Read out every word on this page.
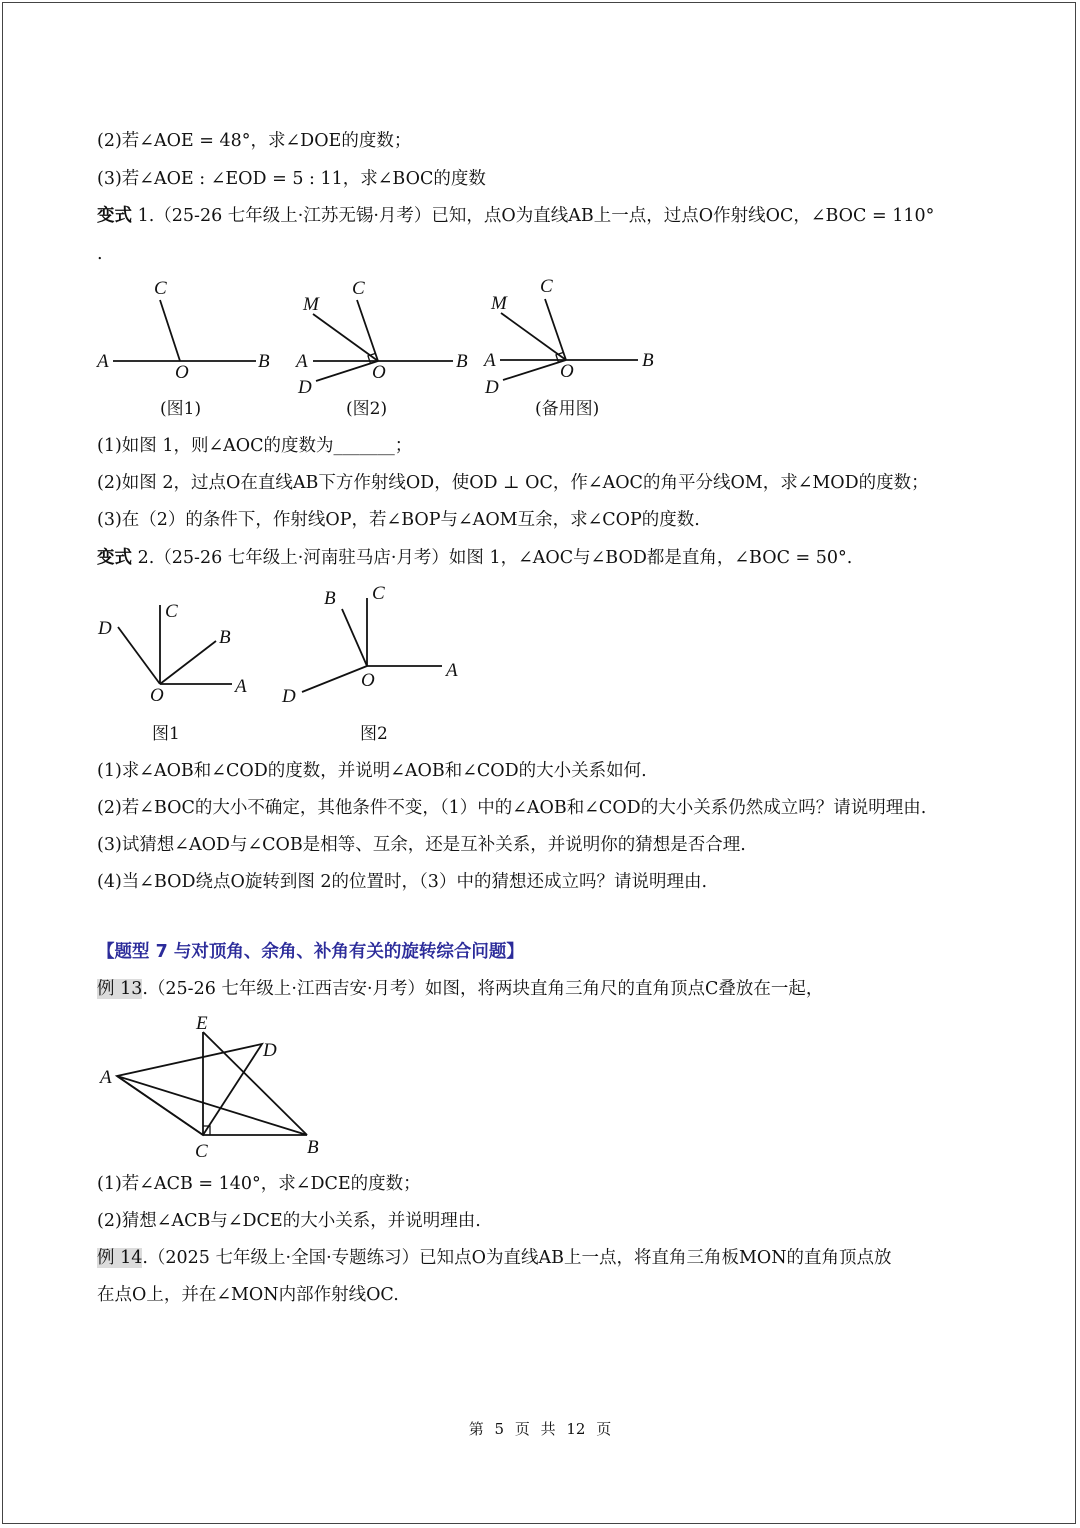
(2)若∠AOE = 48°，求∠DOE的度数；
(3)若∠AOE : ∠EOD = 5 : 11，求∠BOC的度数
变式 1.（25-26 七年级上·江苏无锡·月考）已知，点O为直线AB上一点，过点O作射线OC，∠BOC = 110°
.
C
A
O
B
(图1)
M
C
A
O
B
D
(图2)
M
C
A
O
B
D
(备用图)
(1)如图 1，则∠AOC的度数为_______；
(2)如图 2，过点O在直线AB下方作射线OD，使OD ⊥ OC，作∠AOC的角平分线OM，求∠MOD的度数；
(3)在（2）的条件下，作射线OP，若∠BOP与∠AOM互余，求∠COP的度数.
变式 2.（25-26 七年级上·河南驻马店·月考）如图 1，∠AOC与∠BOD都是直角，∠BOC = 50°.
C
D	B
O	A
图1
B C
A
O
D
图2
(1)求∠AOB和∠COD的度数，并说明∠AOB和∠COD的大小关系如何.
(2)若∠BOC的大小不确定，其他条件不变，（1）中的∠AOB和∠COD的大小关系仍然成立吗？请说明理由.
(3)试猜想∠AOD与∠COB是相等、互余，还是互补关系，并说明你的猜想是否合理.
(4)当∠BOD绕点O旋转到图 2的位置时，（3）中的猜想还成立吗？请说明理由.
【题型 7 与对顶角、余角、补角有关的旋转综合问题】
例 13.（25-26 七年级上·江西吉安·月考）如图，将两块直角三角尺的直角顶点C叠放在一起，
E
D
A
C	B
(1)若∠ACB = 140°，求∠DCE的度数；
(2)猜想∠ACB与∠DCE的大小关系，并说明理由.
例 14.（2025 七年级上·全国·专题练习）已知点O为直线AB上一点，将直角三角板MON的直角顶点放
在点O上，并在∠MON内部作射线OC.
第 5 页 共 12 页
